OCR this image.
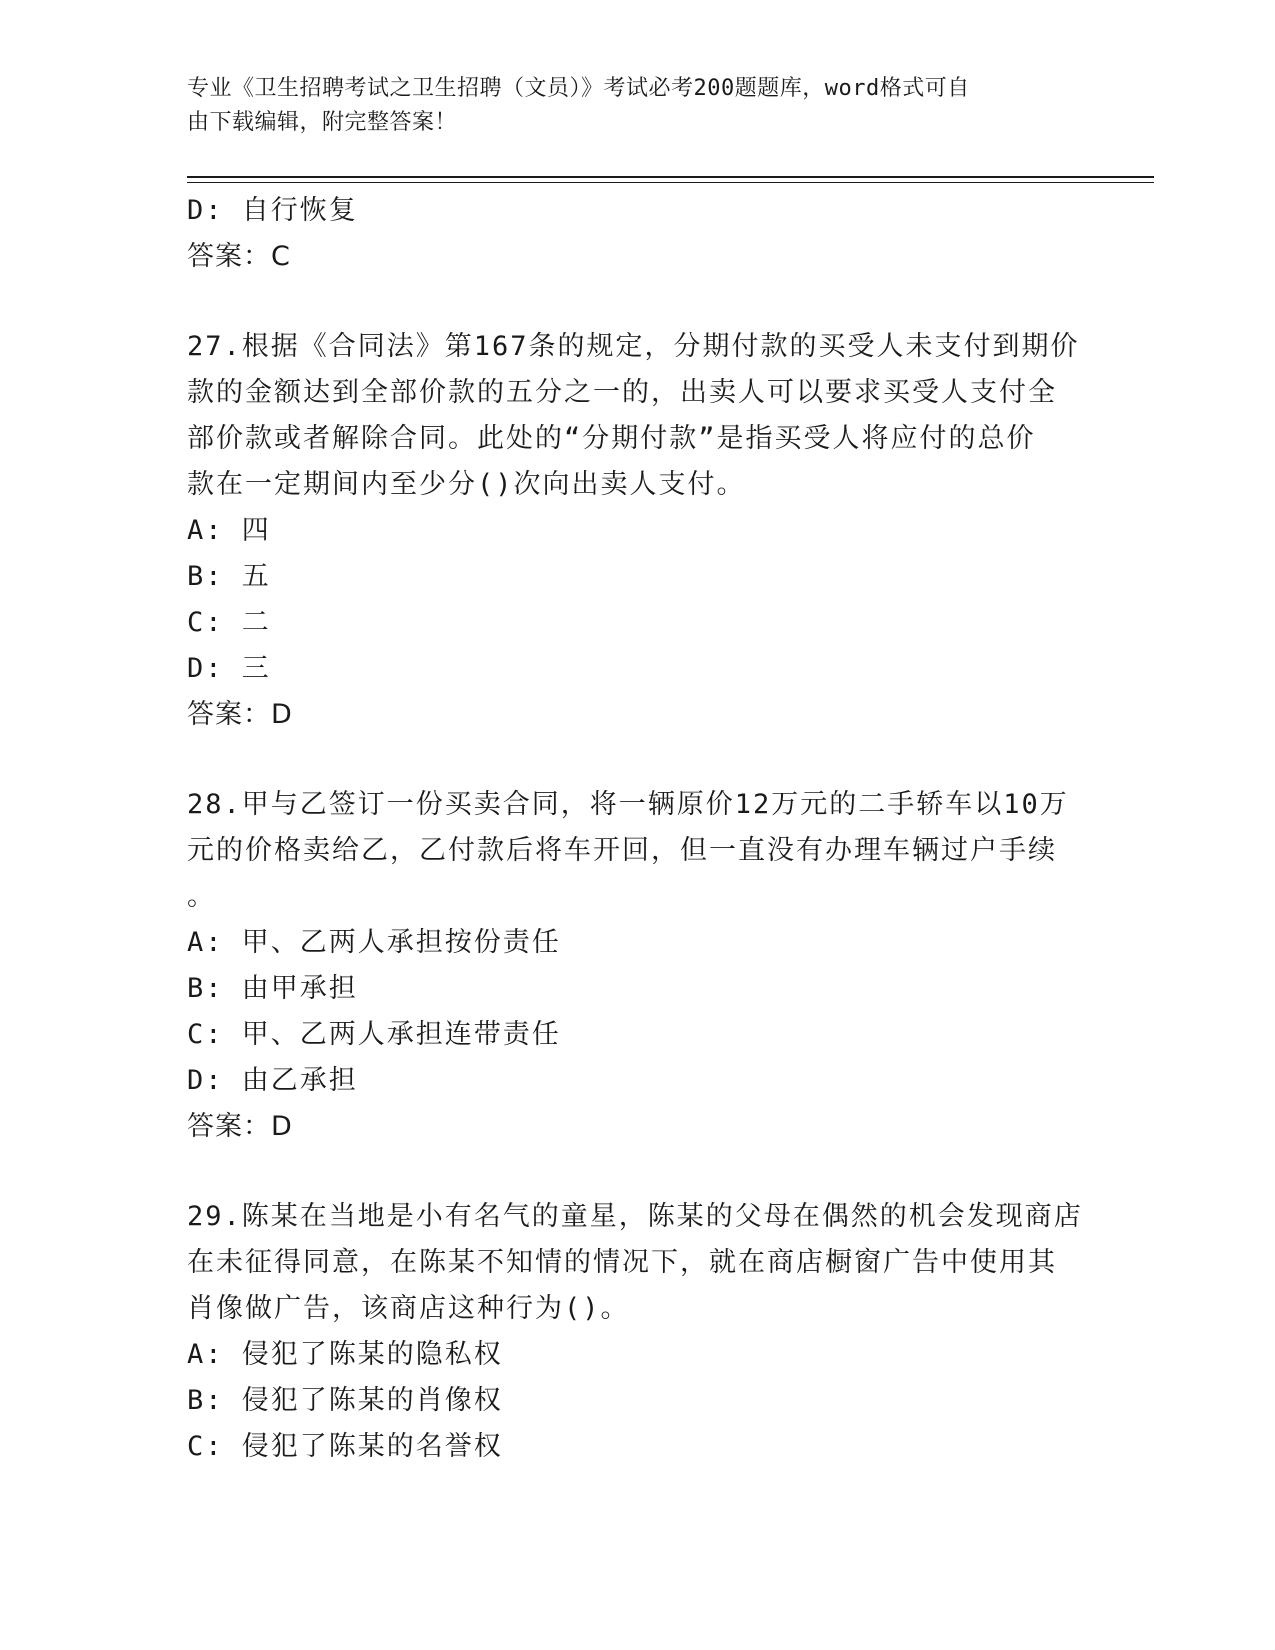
专业《卫生招聘考试之卫生招聘（文员）》考试必考200题题库，word格式可自
由下载编辑，附完整答案！
D: 自行恢复
答案：C
27.根据《合同法》第167条的规定，分期付款的买受人未支付到期价
款的金额达到全部价款的五分之一的，出卖人可以要求买受人支付全
部价款或者解除合同。此处的“分期付款”是指买受人将应付的总价
款在一定期间内至少分()次向出卖人支付。
A: 四
B: 五
C: 二
D: 三
答案：D
28.甲与乙签订一份买卖合同，将一辆原价12万元的二手轿车以10万
元的价格卖给乙，乙付款后将车开回，但一直没有办理车辆过户手续
。
A: 甲、乙两人承担按份责任
B: 由甲承担
C: 甲、乙两人承担连带责任
D: 由乙承担
答案：D
29.陈某在当地是小有名气的童星，陈某的父母在偶然的机会发现商店
在未征得同意，在陈某不知情的情况下，就在商店橱窗广告中使用其
肖像做广告，该商店这种行为()。
A: 侵犯了陈某的隐私权
B: 侵犯了陈某的肖像权
C: 侵犯了陈某的名誉权
